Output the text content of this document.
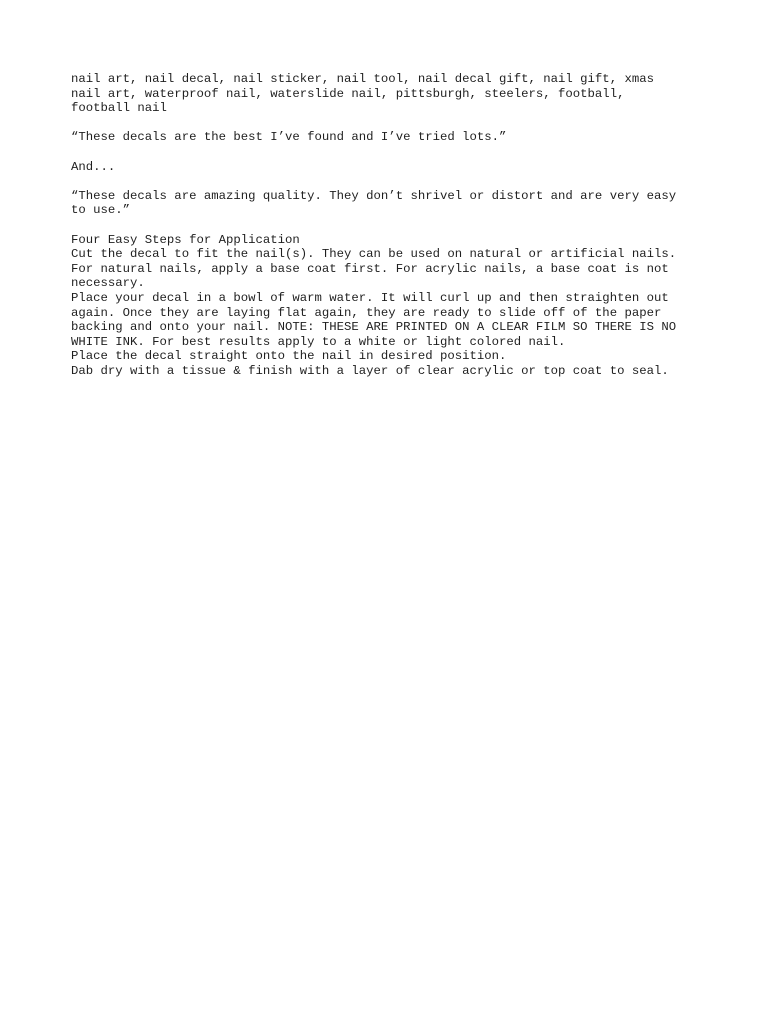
nail art, nail decal, nail sticker, nail tool, nail decal gift, nail gift, xmas
nail art, waterproof nail, waterslide nail, pittsburgh, steelers, football,
football nail
“These decals are the best I’ve found and I’ve tried lots.”
And...
“These decals are amazing quality. They don’t shrivel or distort and are very easy
to use.”
Four Easy Steps for Application
Cut the decal to fit the nail(s). They can be used on natural or artificial nails.
For natural nails, apply a base coat first. For acrylic nails, a base coat is not
necessary.
Place your decal in a bowl of warm water. It will curl up and then straighten out
again. Once they are laying flat again, they are ready to slide off of the paper
backing and onto your nail. NOTE: THESE ARE PRINTED ON A CLEAR FILM SO THERE IS NO
WHITE INK. For best results apply to a white or light colored nail.
Place the decal straight onto the nail in desired position.
Dab dry with a tissue & finish with a layer of clear acrylic or top coat to seal.
